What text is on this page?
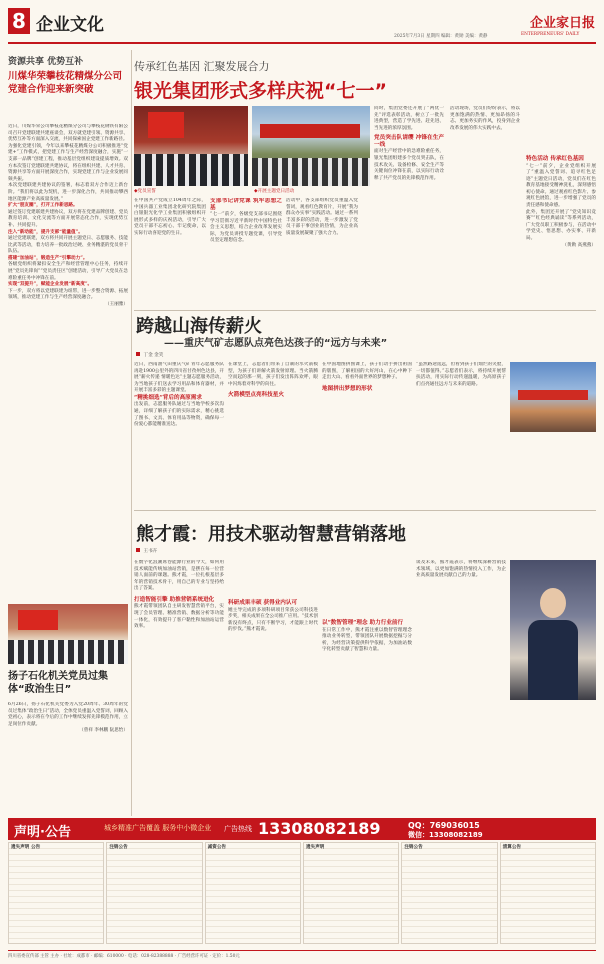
8 企业文化
2025年7月3日 星期四 编辑：黄勋 美编：黄静
企业家日报
ENTERPRENEURS' DAILY
资源共享 优势互补
川煤华荣攀枝花精煤分公司党建合作迎来新突破
近日，川煤华荣公司攀枝花精煤分公司与攀枝花钢铁有限公司召开党建联建共建座谈会，双方就党建引领、资源共享、优势互补等方面深入交流，共同探索国企党建工作新路径。
为强化党建引领，今年以来攀枝花精煤分公司积极推进“党建+”工作模式，把党建工作与生产经营深度融合，实施“一支部一品牌”创建工程，推动基层党组织建设提质增效。双方本次签订党建联建共建协议，将在组织共建、人才共育、资源共享等方面开展深度合作，实现党建工作与企业发展同频共振。
本次党建联建共建协议的签署，标志着双方合作迈上新台阶。“我们将以此为契机，进一步深化合作，共同推动攀西地区能源产业高质量发展。”
扩大“朋友圈”，打开工作新思路。
通过签订党建联建共建协议，双方将在党建品牌创建、党员教育培训、文化交流等方面开展常态化合作，实现优势互补、共同提升。
注入“新动能”，提升支部“能量值”。
通过党建联建，双方将共同开展主题党日、志愿服务、技能比武等活动，着力培养一批政治过硬、业务精湛的党员骨干队伍。
搭建“加油站”，锻造生产“引擎动力”。
各级党组织将紧扣安全生产和经营管理中心任务，持续开展“党员先锋岗”“党员责任区”创建活动，引导广大党员在急难险重任务中冲锋在前。
实现“双提升”，赋能企业发展“新高度”。
下一步，双方将以党建联建为纽带，进一步整合资源、拓展领域，推动党建工作与生产经营深度融合。
（王丽雅）
扬子石化机关党员过集体“政治生日”
6月26日，扬子石化机关党委为入党20周年、30周年的党员过集体“政治生日”活动，全体党员重温入党誓词，回顾入党初心，表示将在今后的工作中继续发挥先锋模范作用，立足岗位作贡献。
（曾祥 李林鹏 阮思怡）
传承红色基因 汇聚发展合力
银光集团形式多样庆祝“七一”
◆党员宣誓	◆开展主题党日活动
在中国共产党成立104周年之际，中国兵器工业集团北化研究院集团白银银光化学工业集团积极组织开展形式多样的庆祝活动，引导广大党员干部不忘初心、牢记使命，以实际行动喜迎党的生日。
支部书记讲党课 筑牢思想之基
“七一”前夕，各级党支部书记围绕学习贯彻习近平新时代中国特色社会主义思想，结合企业改革发展实际，为党员讲授专题党课，引导党员坚定理想信念。
活动中，各支部组织党员重温入党誓词，观看红色教育片，开展“我为群众办实事”实践活动。通过一系列丰富多彩的活动，进一步激发了党员干部干事创业的热情，为企业高质量发展凝聚了强大合力。
同时，集团党委还开展了“两优一先”评选表彰活动，树立了一批先进典型，营造了学先进、赶先进、当先进的浓厚氛围。
党员突击队请缨 冲锋在生产一线
面对生产经营中的急难险重任务，银光集团组建多个党员突击队，在技术攻关、设备检修、安全生产等关键岗位冲锋在前，以实际行动诠释了共产党员的先锋模范作用。
活动现场，党员们纷纷表示，将以更加饱满的热情、更加昂扬的斗志、更加务实的作风，投身到企业改革发展的伟大实践中去。
特色活动 传承红色基因
“七一”前夕，企业党组织开展了“重温入党誓词、追寻红色足迹”主题党日活动，党员们在红色教育基地接受精神洗礼，深刻感悟初心使命。通过观看红色影片、参观红色展馆，进一步增强了党员的责任感和使命感。
此外，集团还开展了“党史知识竞赛”“红色经典诵读”等系列活动，广大党员职工积极参与，在活动中学党史、悟思想、办实事、开新局。
（黄勋 高燕燕）
跨越山海传薪火
——重庆气矿志愿队点亮色达孩子的“远方与未来”
丁金 金笑
近日，西南油气田重庆气矿青年志愿服务队再赴1900公里外的四川省甘孜州色达县，开展“薪火传递 情暖色达”主题志愿服务活动，为当地孩子们送去学习用品和体育器材，并开展丰富多彩的主题课堂。
“精挑细选”背后的高原需求
出发前，志愿服务队通过与当地学校多次沟通，详细了解孩子们的实际需求，精心挑选了图书、文具、体育用品等物资，确保每一份爱心都能精准送达。
在课堂上，志愿者们带来了自制的水火箭模型，为孩子们讲解火箭发射原理。当火箭腾空而起的那一刻，孩子们发出阵阵欢呼，眼中闪烁着对科学的向往。
火箭模型点亮科技星火
在中国地图拼图课上，孩子们动手拼出祖国的版图，了解祖国的大好河山，在心中种下走出大山、看看外面世界的梦想种子。
地图拼出梦想的形状
“虽然路途遥远，但看到孩子们灿烂的笑脸，一切都值得。”志愿者们表示，将持续开展帮扶活动，用实际行动传递温暖，为高原孩子们点亮通往远方与未来的道路。
熊才霞：用技术驱动智慧营销落地
王书卉
在数字化浪潮席卷能源行业的今天，如何用技术赋能传统加油站营销，是摆在每一位营销人面前的课题。熊才霞，一位扎根基层多年的营销技术骨干，用自己的专业与坚持给出了答案。
打造智能引擎 助推营销系统进化
熊才霞带领团队自主研发智慧营销平台，实现了会员管理、精准营销、数据分析等功能一体化，有效提升了客户黏性和加油站运营效率。
科研成果丰硕 获得业内认可
她主导完成的多项科研项目荣获公司科技进步奖，相关成果在全公司推广应用。“技术创新没有终点，只有不断学习，才能跟上时代的步伐。”熊才霞说。
以“数智管理”理念 助力行业前行
在日常工作中，熊才霞注重以数智管理理念推动业务转型，带领团队开展数据挖掘与分析，为经营决策提供科学依据，为加油站数字化转型贡献了智慧和力量。
谈及未来，熊才霞表示，将继续深耕营销技术领域，以更加饱满的热情投入工作，为企业高质量发展贡献自己的力量。
声明·公告	城乡精准广告覆盖 服务中小微企业 广告热线 13308082189	QQ：769036015
微信：13308082189
遗失声明 公告	注销公告	减资公告	遗失声明	注销公告	清算公告
四川省委宣传部 主管 主办 · 社址：成都市 · 邮编：610000 · 电话：028-82388888 · 广告经营许可证 · 定价：1.50元
